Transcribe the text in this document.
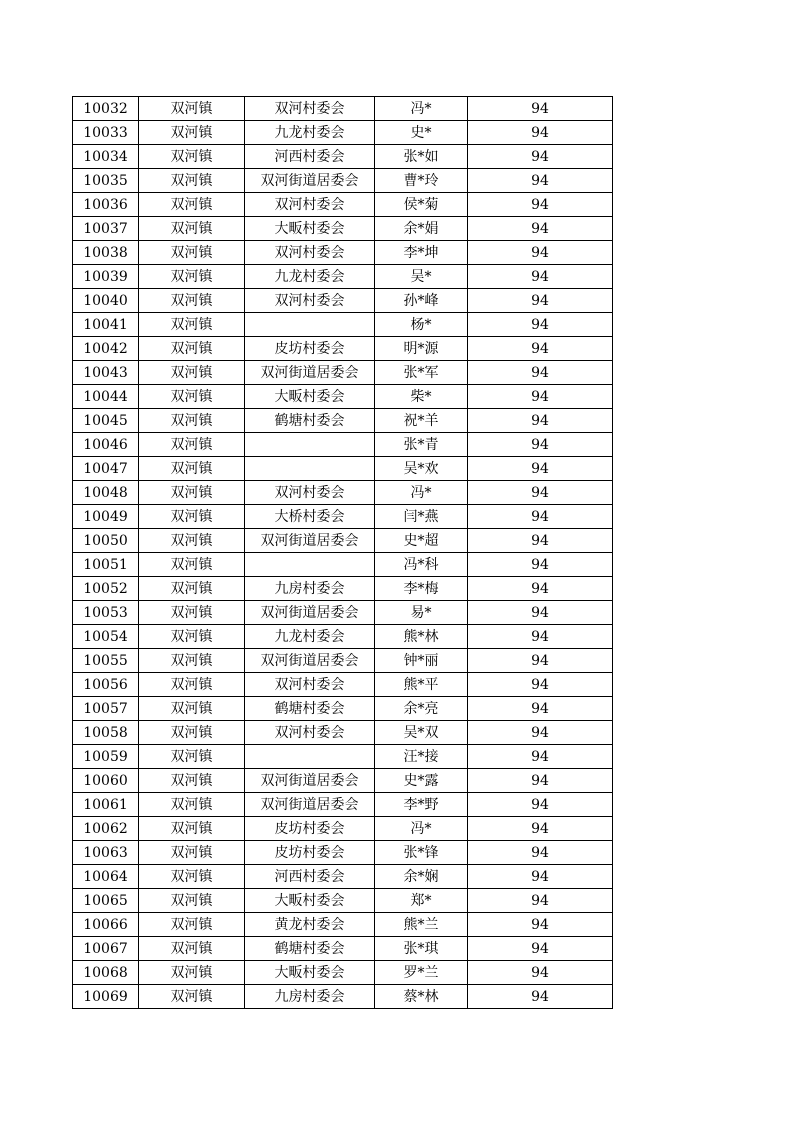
10032	双河镇	双河村委会	冯*	94
10033	双河镇	九龙村委会	史*	94
10034	双河镇	河西村委会	张*如	94
10035	双河镇	双河街道居委会	曹*玲	94
10036	双河镇	双河村委会	侯*菊	94
10037	双河镇	大畈村委会	余*娟	94
10038	双河镇	双河村委会	李*坤	94
10039	双河镇	九龙村委会	吴*	94
10040	双河镇	双河村委会	孙*峰	94
10041	双河镇		杨*	94
10042	双河镇	皮坊村委会	明*源	94
10043	双河镇	双河街道居委会	张*军	94
10044	双河镇	大畈村委会	柴*	94
10045	双河镇	鹤塘村委会	祝*羊	94
10046	双河镇		张*青	94
10047	双河镇		吴*欢	94
10048	双河镇	双河村委会	冯*	94
10049	双河镇	大桥村委会	闫*燕	94
10050	双河镇	双河街道居委会	史*超	94
10051	双河镇		冯*科	94
10052	双河镇	九房村委会	李*梅	94
10053	双河镇	双河街道居委会	易*	94
10054	双河镇	九龙村委会	熊*林	94
10055	双河镇	双河街道居委会	钟*丽	94
10056	双河镇	双河村委会	熊*平	94
10057	双河镇	鹤塘村委会	余*亮	94
10058	双河镇	双河村委会	吴*双	94
10059	双河镇		汪*接	94
10060	双河镇	双河街道居委会	史*露	94
10061	双河镇	双河街道居委会	李*野	94
10062	双河镇	皮坊村委会	冯*	94
10063	双河镇	皮坊村委会	张*锋	94
10064	双河镇	河西村委会	余*娴	94
10065	双河镇	大畈村委会	郑*	94
10066	双河镇	黄龙村委会	熊*兰	94
10067	双河镇	鹤塘村委会	张*琪	94
10068	双河镇	大畈村委会	罗*兰	94
10069	双河镇	九房村委会	蔡*林	94
